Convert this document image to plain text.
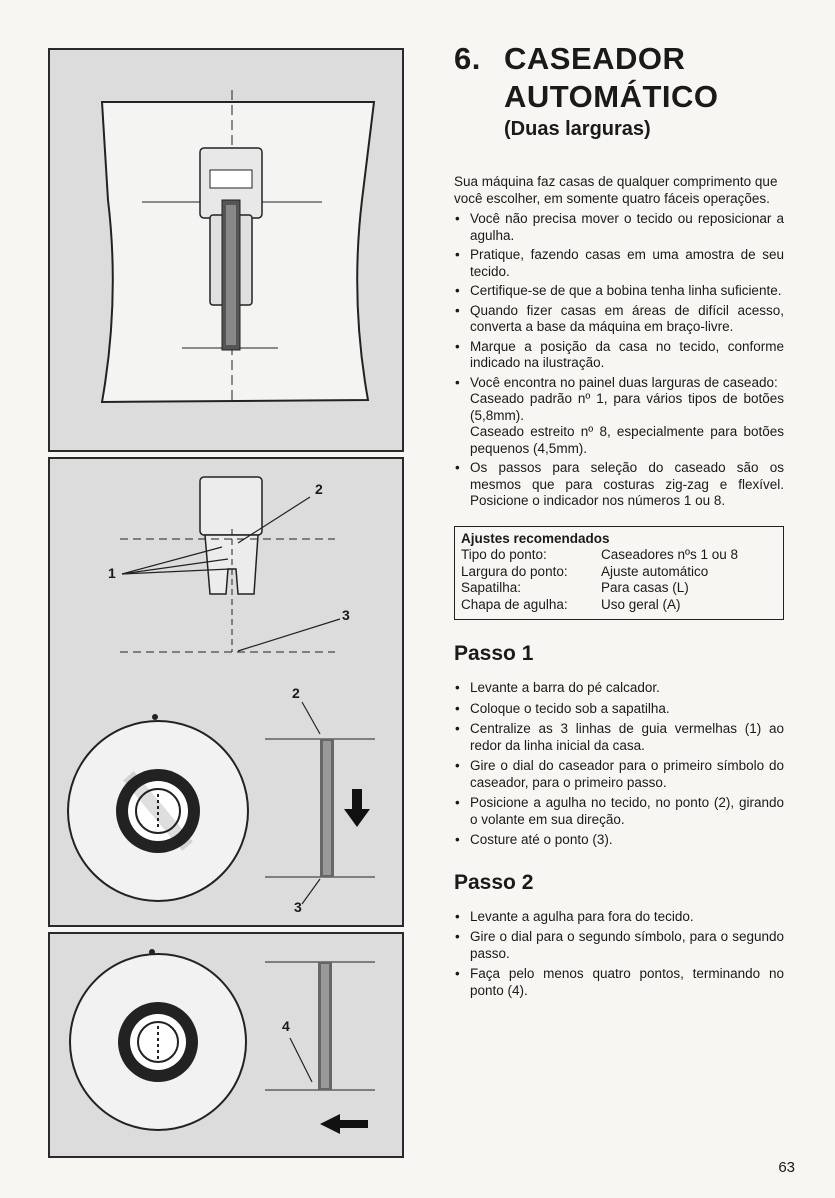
2
1
3
2
3
4
6. CASEADOR
AUTOMÁTICO
(Duas larguras)
Sua máquina faz casas de qualquer comprimento que você escolher, em somente quatro fáceis operações.
• Você não precisa mover o tecido ou reposicionar a agulha.
• Pratique, fazendo casas em uma amostra de seu tecido.
• Certifique-se de que a bobina tenha linha suficiente.
• Quando fizer casas em áreas de difícil acesso, converta a base da máquina em braço-livre.
• Marque a posição da casa no tecido, conforme indicado na ilustração.
• Você encontra no painel duas larguras de caseado:
Caseado padrão nº 1, para vários tipos de botões (5,8mm).
Caseado estreito nº 8, especialmente para botões pequenos (4,5mm).
• Os passos para seleção do caseado são os mesmos que para costuras zig-zag e flexível. Posicione o indicador nos números 1 ou 8.
Ajustes recomendados
Tipo do ponto:	Caseadores nºs 1 ou 8
Largura do ponto:	Ajuste automático
Sapatilha:	Para casas (L)
Chapa de agulha:	Uso geral (A)
Passo 1
• Levante a barra do pé calcador.
• Coloque o tecido sob a sapatilha.
• Centralize as 3 linhas de guia vermelhas (1) ao redor da linha inicial da casa.
• Gire o dial do caseador para o primeiro símbolo do caseador, para o primeiro passo.
• Posicione a agulha no tecido, no ponto (2), girando o volante em sua direção.
• Costure até o ponto (3).
Passo 2
• Levante a agulha para fora do tecido.
• Gire o dial para o segundo símbolo, para o segundo passo.
• Faça pelo menos quatro pontos, terminando no ponto (4).
63
